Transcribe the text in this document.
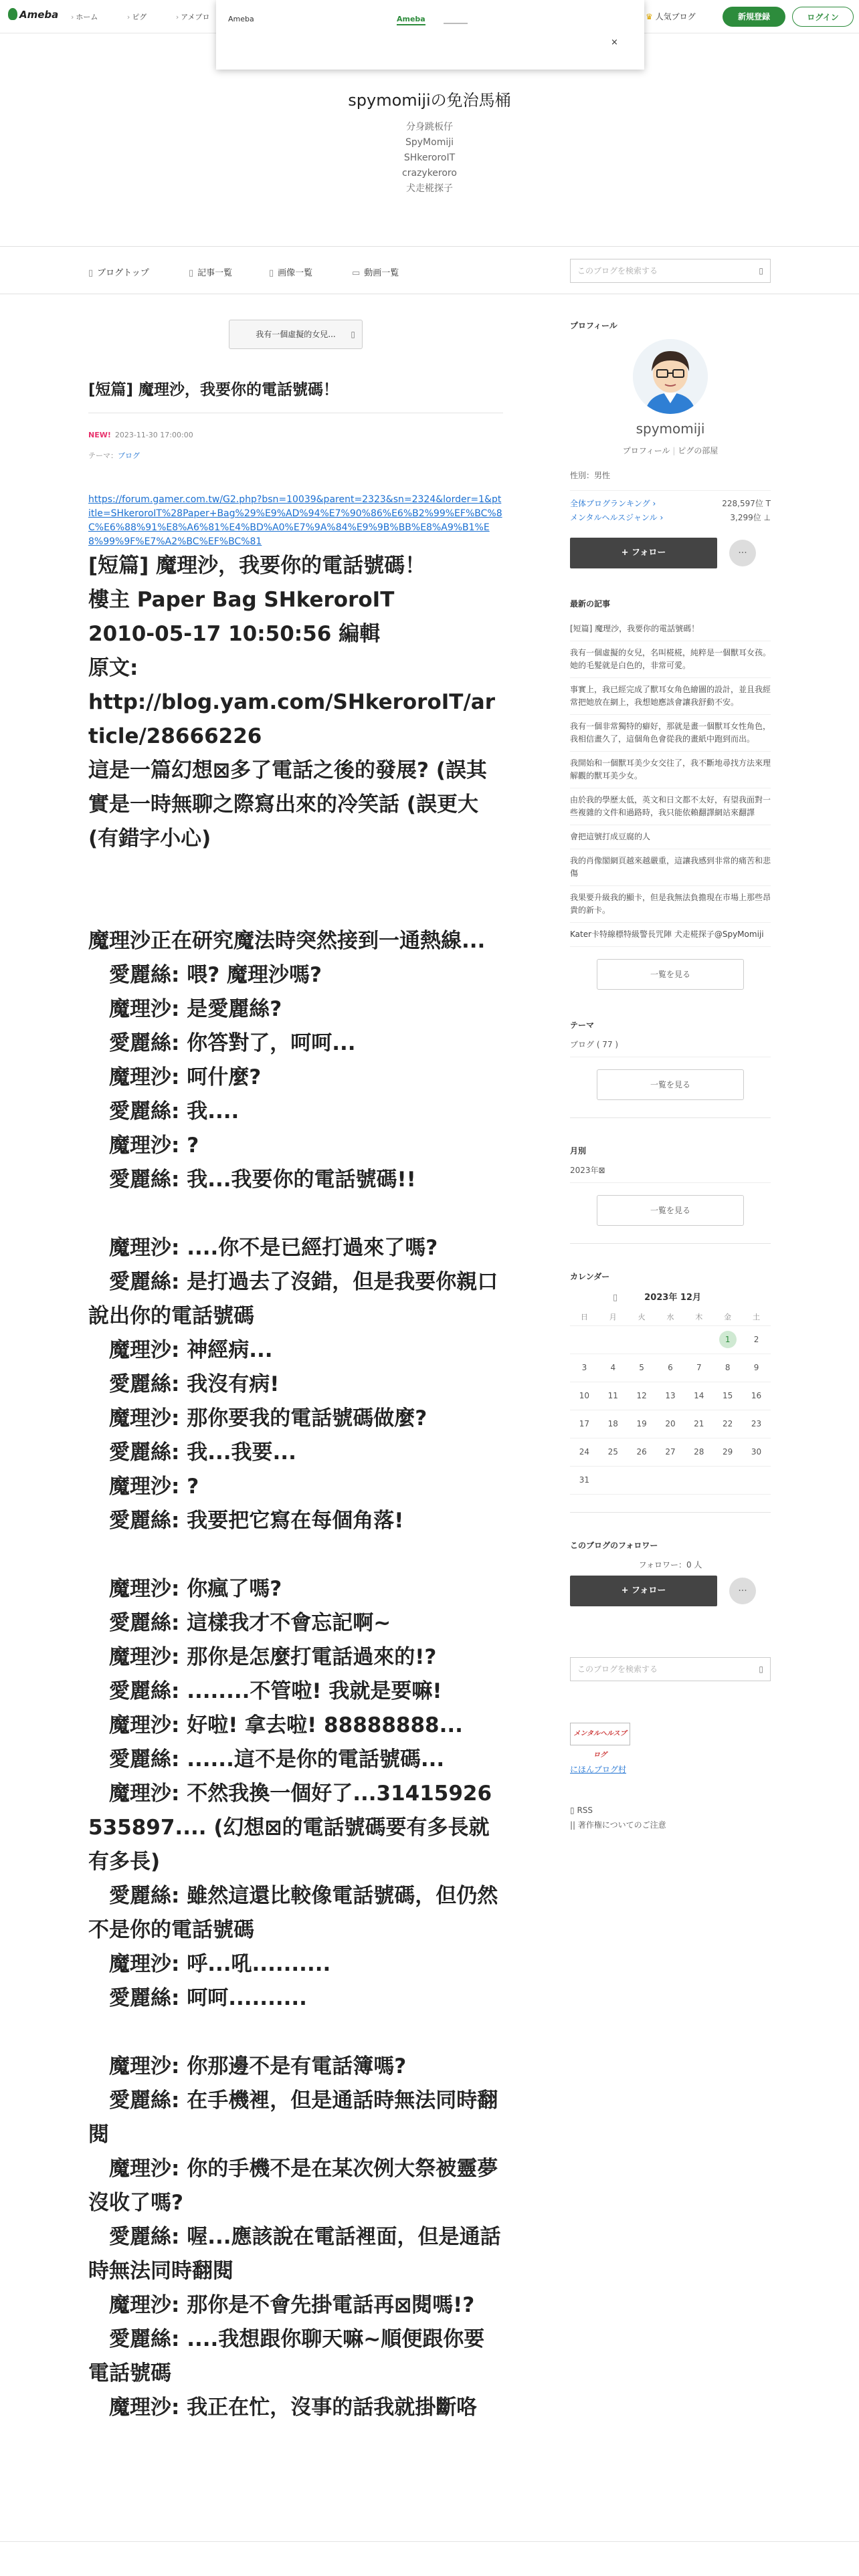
Ameba › ホーム	› ピグ	› アメブロ	♛ 人気ブログ	新規登録	ログイン
Ameba	Ameba
×
spymomijiの免治馬桶
分身跳板仔
SpyMomiji
SHkeroroIT
crazykeroro
犬走椛探子
▯ ブログトップ	▯ 記事一覧	▯ 画像一覧	▭ 動画一覧	このブログを検索する	▯
我有一個虛擬的女兒... ▯
[短篇] 魔理沙，我要你的電話號碼！
NEW! 2023-11-30 17:00:00
テーマ：ブログ
https://forum.gamer.com.tw/G2.php?bsn=10039&parent=2323&sn=2324&lorder=1&ptitle=SHkeroroIT%28Paper+Bag%29%E9%AD%94%E7%90%86%E6%B2%99%EF%BC%8C%E6%88%91%E8%A6%81%E4%BD%A0%E7%9A%84%E9%9B%BB%E8%A9%B1%E8%99%9F%E7%A2%BC%EF%BC%81

[短篇] 魔理沙，我要你的電話號碼！

樓主 Paper Bag SHkeroroIT

2010-05-17 10:50:56 編輯

原文:

http://blog.yam.com/SHkeroroIT/article/28666226

這是一篇幻想⊠多了電話之後的發展? (誤其實是一時無聊之際寫出來的冷笑話 (誤更大

(有錯字小心)

魔理沙正在研究魔法時突然接到一通熱線...

愛麗絲: 喂? 魔理沙嗎?

魔理沙: 是愛麗絲?

愛麗絲: 你答對了，呵呵...

魔理沙: 呵什麼?

愛麗絲: 我....

魔理沙: ?

愛麗絲: 我...我要你的電話號碼!!

魔理沙: ....你不是已經打過來了嗎?

愛麗絲: 是打過去了沒錯，但是我要你親口說出你的電話號碼

魔理沙: 神經病...

愛麗絲: 我沒有病!

魔理沙: 那你要我的電話號碼做麼?

愛麗絲: 我...我要...

魔理沙: ?

愛麗絲: 我要把它寫在每個角落!

魔理沙: 你瘋了嗎?

愛麗絲: 這樣我才不會忘記啊~

魔理沙: 那你是怎麼打電話過來的!?

愛麗絲: ........不管啦! 我就是要嘛!

魔理沙: 好啦! 拿去啦! 88888888...

愛麗絲: ......這不是你的電話號碼...

魔理沙: 不然我換一個好了...31415926535897.... (幻想⊠的電話號碼要有多長就有多長)

愛麗絲: 雖然這還比較像電話號碼，但仍然不是你的電話號碼

魔理沙: 呼...吼..........

愛麗絲: 呵呵..........

魔理沙: 你那邊不是有電話簿嗎?

愛麗絲: 在手機裡，但是通話時無法同時翻閱

魔理沙: 你的手機不是在某次例大祭被靈夢沒收了嗎?

愛麗絲: 喔...應該說在電話裡面，但是通話時無法同時翻閱

魔理沙: 那你是不會先掛電話再⊠閱嗎!?

愛麗絲: ....我想跟你聊天嘛~順便跟你要電話號碼

魔理沙: 我正在忙，沒事的話我就掛斷咯

プロフィール
spymomiji
プロフィール | ピグの部屋
性別：男性
全体ブログランキング ›	228,597位 T
メンタルヘルスジャンル ›	3,299位 ⊥
+ フォロー	···
最新の記事
[短篇] 魔理沙，我要你的電話號碼！
我有一個虛擬的女兒，名叫椛椛，純粹是一個獸耳女孩。她的毛髮就是白色的，非常可愛。
事實上，我已經完成了獸耳女角色繪圖的設計，並且我經常把她放在網上，我想她應該會讓我舒動不安。
我有一個非常獨特的癖好，那就是畫一個獸耳女性角色，我相信畫久了，這個角色會從我的畫紙中跑到而出。
我開始和一個獸耳美少女交往了，我不斷地尋找方法來理解觀的獸耳美少女。
由於我的學歷太低，英文和日文都不太好，有望我面對一些複雜的文件和過路時，我只能依賴翻譯網站來翻譯
會把這號打成豆腐的人
我的肖像閣網頁越來越嚴重，這讓我感到非常的痛苦和悲傷
我果要升級我的顯卡，但是我無法負擔現在市場上那些昂貴的新卡。
Kater卡特線標特級警長咒陣 犬走椛探子@SpyMomiji
一覧を見る
テーマ
ブログ ( 77 )
一覧を見る
月別
2023年⊠
一覧を見る
カレンダー
▯	2023年 12月
日	月	火	水	木	金	土
					1	2
3	4	5	6	7	8	9
10	11	12	13	14	15	16
17	18	19	20	21	22	23
24	25	26	27	28	29	30
31						
このブログのフォロワー
フォロワー：0 人
+ フォロー	···
このブログを検索する	▯
メンタルヘルスブログ
にほんブログ村
▯ RSS
|| 著作権についてのご注意
